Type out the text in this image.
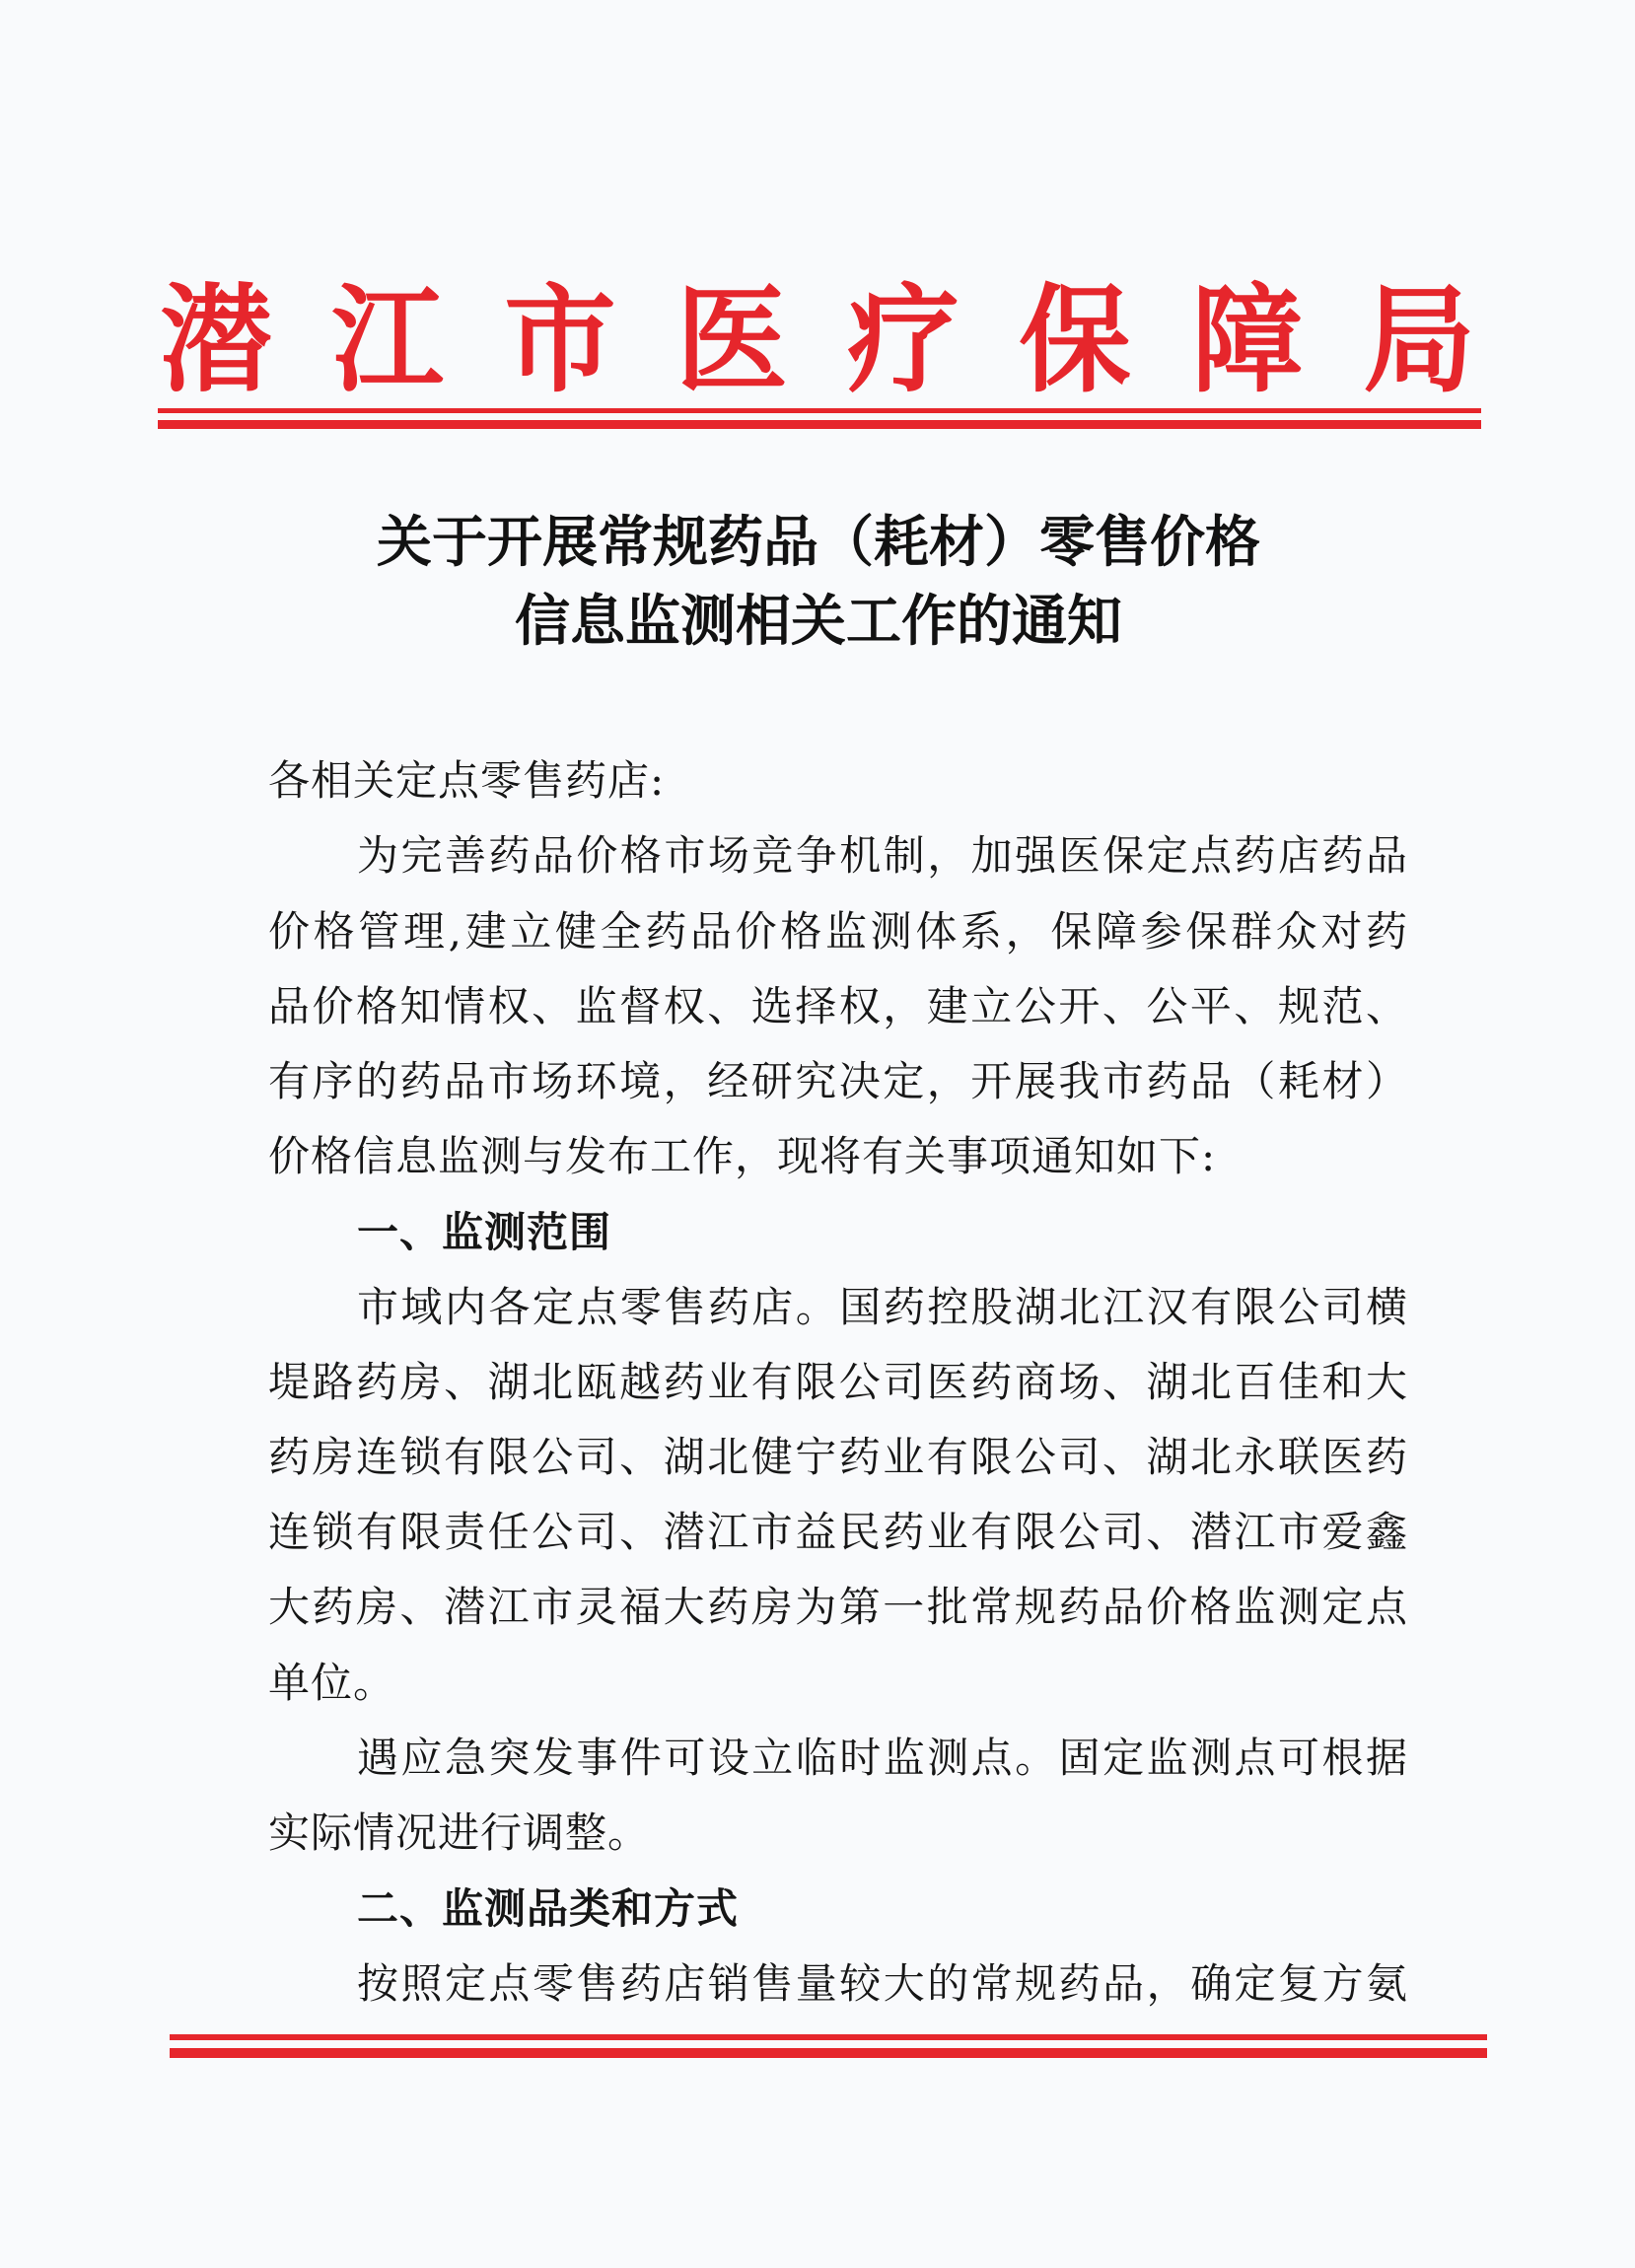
潜 江 市 医 疗 保 障 局
关于开展常规药品（耗材）零售价格
信息监测相关工作的通知
各相关定点零售药店:
为完善药品价格市场竞争机制，加强医保定点药店药品
价格管理,建立健全药品价格监测体系，保障参保群众对药
品价格知情权、监督权、选择权，建立公开、公平、规范、
有序的药品市场环境，经研究决定，开展我市药品（耗材）
价格信息监测与发布工作，现将有关事项通知如下:
一、监测范围
市域内各定点零售药店。国药控股湖北江汉有限公司横
堤路药房、湖北瓯越药业有限公司医药商场、湖北百佳和大
药房连锁有限公司、湖北健宁药业有限公司、湖北永联医药
连锁有限责任公司、潜江市益民药业有限公司、潜江市爱鑫
大药房、潜江市灵福大药房为第一批常规药品价格监测定点
单位。
遇应急突发事件可设立临时监测点。固定监测点可根据
实际情况进行调整。
二、监测品类和方式
按照定点零售药店销售量较大的常规药品，确定复方氨
